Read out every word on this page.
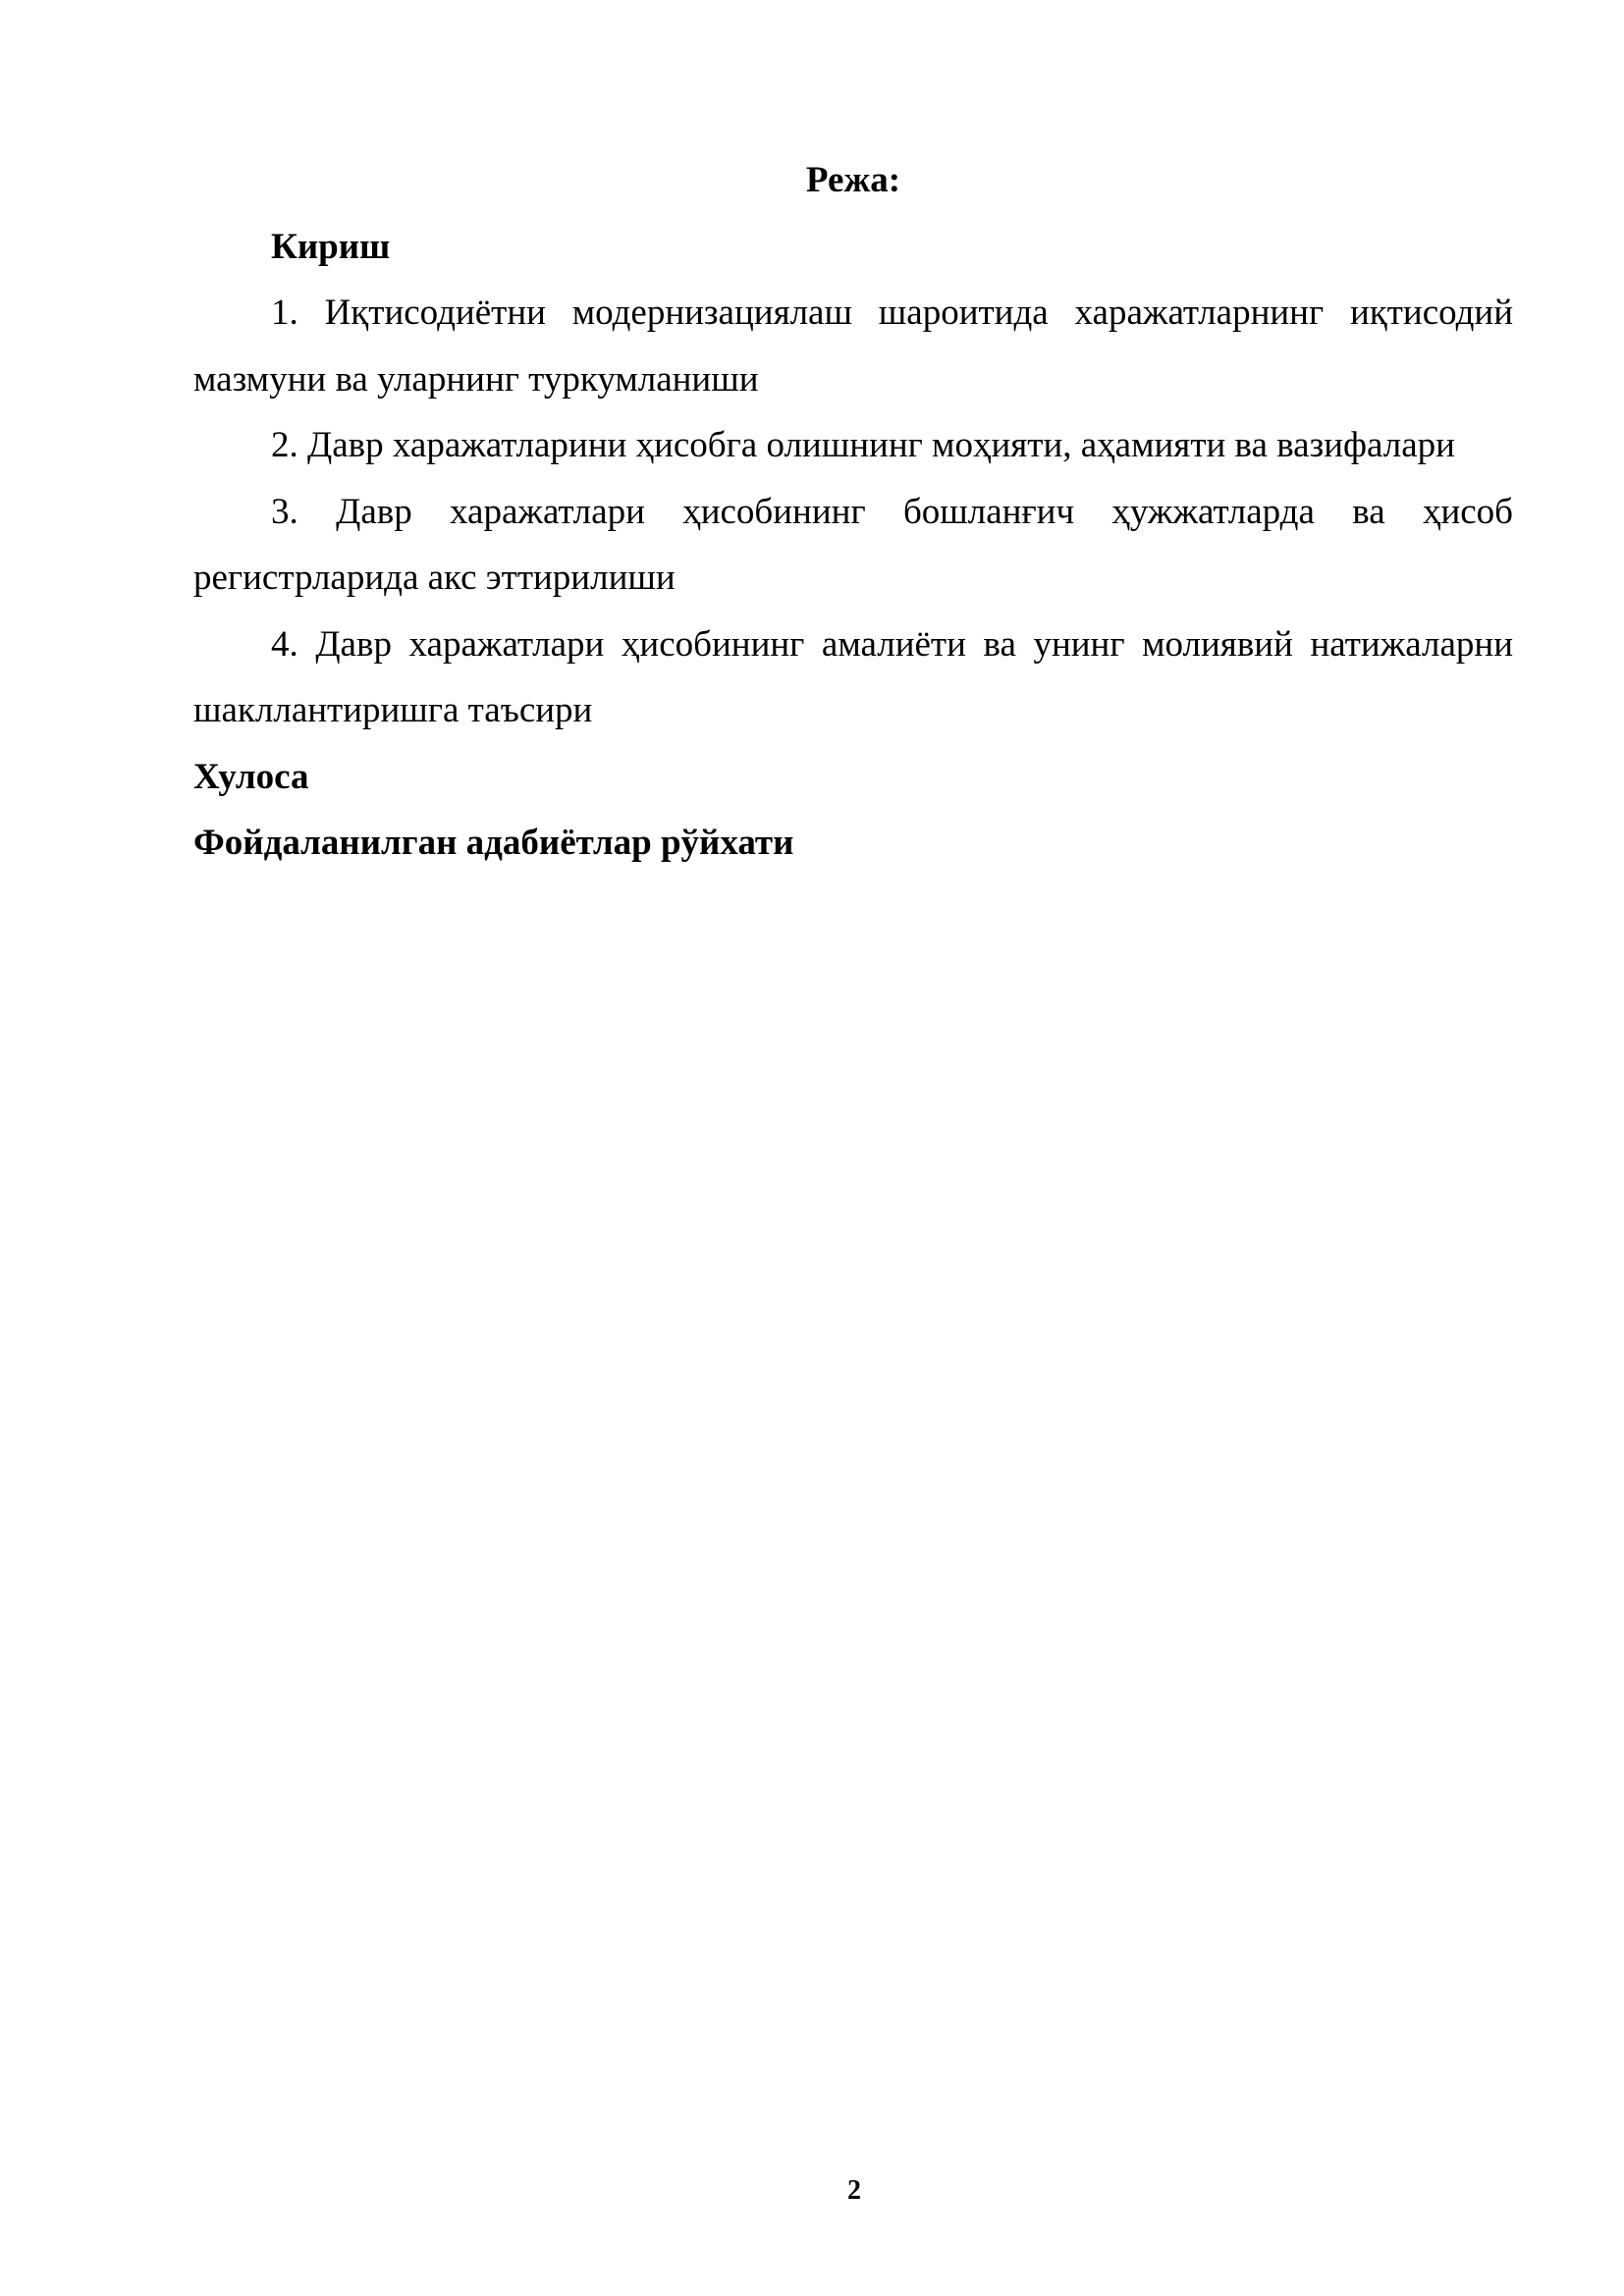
Режа:

Кириш

1. Иқтисодиётни модернизациялаш шароитида харажатларнинг иқтисодий мазмуни ва уларнинг туркумланиши

2. Давр харажатларини ҳисобга олишнинг моҳияти, аҳамияти ва вазифалари

3. Давр харажатлари ҳисобининг бошланғич ҳужжатларда ва ҳисоб регистрларида акс эттирилиши

4. Давр харажатлари ҳисобининг амалиёти ва унинг молиявий натижаларни шакллантиришга таъсири

Хулоса

Фойдаланилган адабиётлар рўйхати

2
